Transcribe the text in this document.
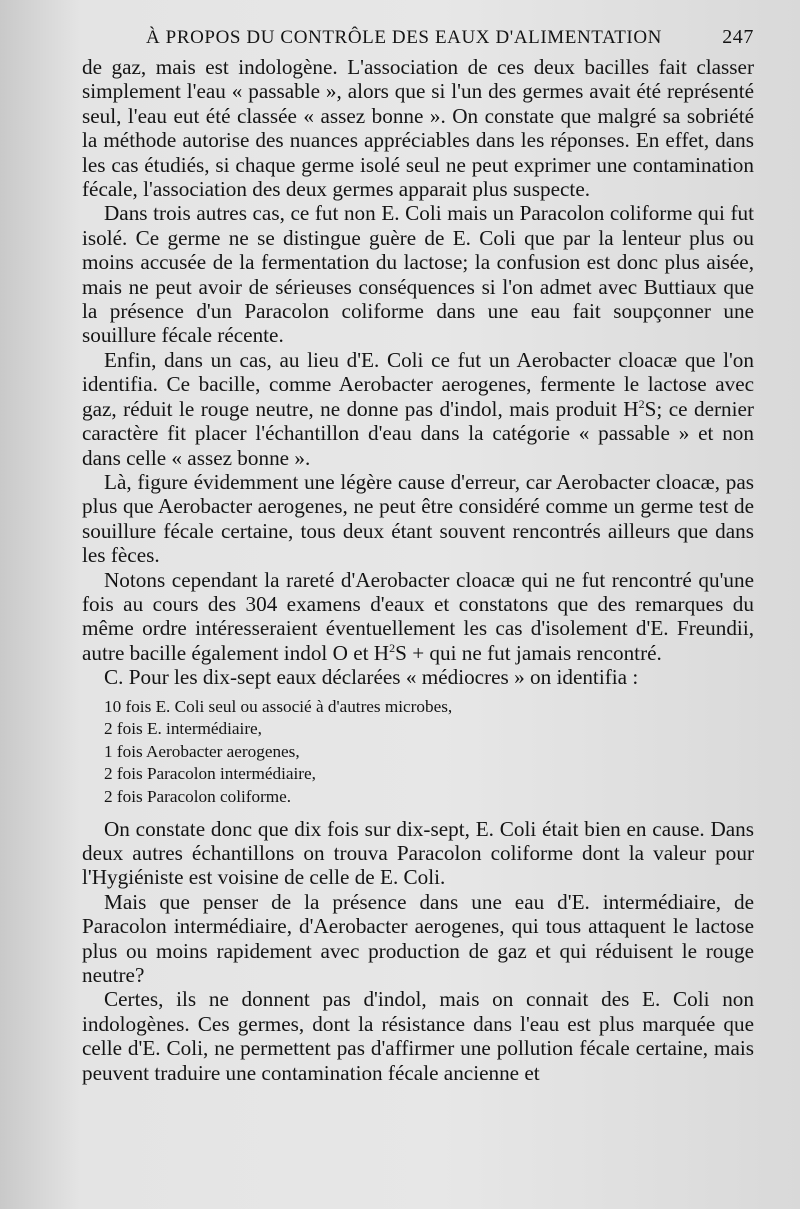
À PROPOS DU CONTRÔLE DES EAUX D'ALIMENTATION	247

de gaz, mais est indologène. L'association de ces deux bacilles fait classer simplement l'eau « passable », alors que si l'un des germes avait été représenté seul, l'eau eut été classée « assez bonne ». On constate que malgré sa sobriété la méthode autorise des nuances appréciables dans les réponses. En effet, dans les cas étudiés, si chaque germe isolé seul ne peut exprimer une contamination fécale, l'association des deux germes apparait plus suspecte.

Dans trois autres cas, ce fut non E. Coli mais un Paracolon coliforme qui fut isolé. Ce germe ne se distingue guère de E. Coli que par la lenteur plus ou moins accusée de la fermentation du lactose; la confusion est donc plus aisée, mais ne peut avoir de sérieuses conséquences si l'on admet avec Buttiaux que la présence d'un Paracolon coliforme dans une eau fait soupçonner une souillure fécale récente.

Enfin, dans un cas, au lieu d'E. Coli ce fut un Aerobacter cloacæ que l'on identifia. Ce bacille, comme Aerobacter aerogenes, fermente le lactose avec gaz, réduit le rouge neutre, ne donne pas d'indol, mais produit $H^2S$; ce dernier caractère fit placer l'échantillon d'eau dans la catégorie « passable » et non dans celle « assez bonne ».

Là, figure évidemment une légère cause d'erreur, car Aerobacter cloacæ, pas plus que Aerobacter aerogenes, ne peut être considéré comme un germe test de souillure fécale certaine, tous deux étant souvent rencontrés ailleurs que dans les fèces.

Notons cependant la rareté d'Aerobacter cloacæ qui ne fut rencontré qu'une fois au cours des 304 examens d'eaux et constatons que des remarques du même ordre intéresseraient éventuellement les cas d'isolement d'E. Freundii, autre bacille également indol O et $H^2S$ + qui ne fut jamais rencontré.

C. Pour les dix-sept eaux déclarées « médiocres » on identifia :

10 fois E. Coli seul ou associé à d'autres microbes,
2 fois E. intermédiaire,
1 fois Aerobacter aerogenes,
2 fois Paracolon intermédiaire,
2 fois Paracolon coliforme.

On constate donc que dix fois sur dix-sept, E. Coli était bien en cause. Dans deux autres échantillons on trouva Paracolon coliforme dont la valeur pour l'Hygiéniste est voisine de celle de E. Coli.

Mais que penser de la présence dans une eau d'E. intermédiaire, de Paracolon intermédiaire, d'Aerobacter aerogenes, qui tous attaquent le lactose plus ou moins rapidement avec production de gaz et qui réduisent le rouge neutre?

Certes, ils ne donnent pas d'indol, mais on connait des E. Coli non indologènes. Ces germes, dont la résistance dans l'eau est plus marquée que celle d'E. Coli, ne permettent pas d'affirmer une pollution fécale certaine, mais peuvent traduire une contamination fécale ancienne et
